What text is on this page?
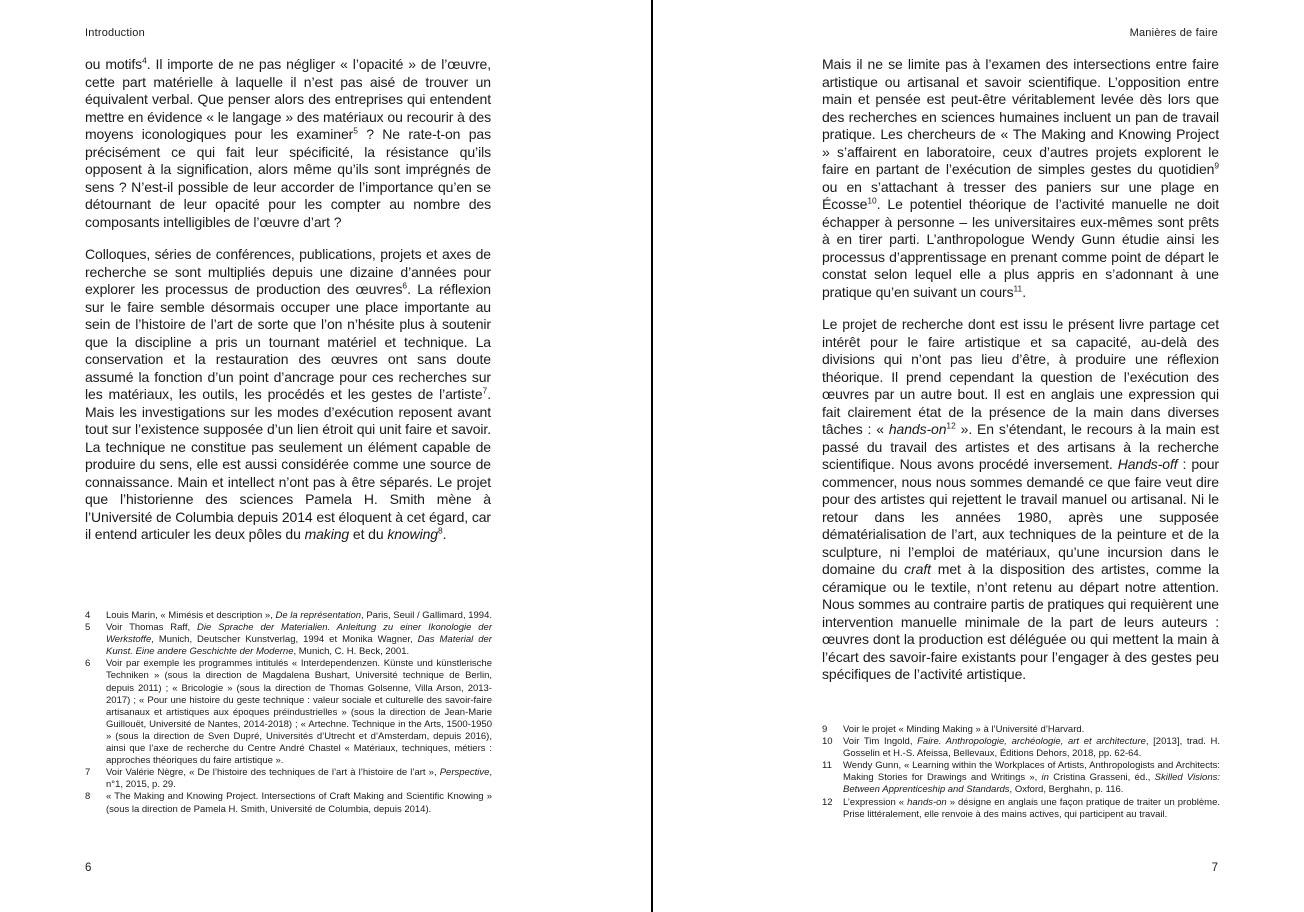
Introduction

ou motifs$^4$. Il importe de ne pas négliger « l’opacité » de l’œuvre, cette part matérielle à laquelle il n’est pas aisé de trouver un équivalent verbal. Que penser alors des entreprises qui entendent mettre en évidence « le langage » des matériaux ou recourir à des moyens iconologiques pour les examiner$^5$ ? Ne rate-t-on pas précisément ce qui fait leur spécificité, la résistance qu’ils opposent à la signification, alors même qu’ils sont imprégnés de sens ? N’est-il possible de leur accorder de l’importance qu’en se détournant de leur opacité pour les compter au nombre des composants intelligibles de l’œuvre d’art ?

Colloques, séries de conférences, publications, projets et axes de recherche se sont multipliés depuis une dizaine d’années pour explorer les processus de production des œuvres$^6$. La réflexion sur le faire semble désormais occuper une place importante au sein de l’histoire de l’art de sorte que l’on n’hésite plus à soutenir que la discipline a pris un tournant matériel et technique. La conservation et la restauration des œuvres ont sans doute assumé la fonction d’un point d’ancrage pour ces recherches sur les matériaux, les outils, les procédés et les gestes de l’artiste$^7$. Mais les investigations sur les modes d’exécution reposent avant tout sur l’existence supposée d’un lien étroit qui unit faire et savoir. La technique ne constitue pas seulement un élément capable de produire du sens, elle est aussi considérée comme une source de connaissance. Main et intellect n’ont pas à être séparés. Le projet que l’historienne des sciences Pamela H. Smith mène à l’Université de Columbia depuis 2014 est éloquent à cet égard, car il entend articuler les deux pôles du making et du knowing$^8$.

4	Louis Marin, « Mimésis et description », De la représentation, Paris, Seuil / Gallimard, 1994.
5	Voir Thomas Raff, Die Sprache der Materialien. Anleitung zu einer Ikonologie der Werkstoffe, Munich, Deutscher Kunstverlag, 1994 et Monika Wagner, Das Material der Kunst. Eine andere Geschichte der Moderne, Munich, C. H. Beck, 2001.
6	Voir par exemple les programmes intitulés « Interdependenzen. Künste und künstlerische Techniken » (sous la direction de Magdalena Bushart, Université technique de Berlin, depuis 2011) ; « Bricologie » (sous la direction de Thomas Golsenne, Villa Arson, 2013-2017) ; « Pour une histoire du geste technique : valeur sociale et culturelle des savoir-faire artisanaux et artistiques aux époques préindustrielles » (sous la direction de Jean-Marie Guillouët, Université de Nantes, 2014-2018) ; « Artechne. Technique in the Arts, 1500-1950 » (sous la direction de Sven Dupré, Universités d’Utrecht et d’Amsterdam, depuis 2016), ainsi que l’axe de recherche du Centre André Chastel « Matériaux, techniques, métiers : approches théoriques du faire artistique ».
7	Voir Valérie Nègre, « De l’histoire des techniques de l’art à l’histoire de l’art », Perspective, n°1, 2015, p. 29.
8	« The Making and Knowing Project. Intersections of Craft Making and Scientific Knowing » (sous la direction de Pamela H. Smith, Université de Columbia, depuis 2014).
6
Manières de faire

Mais il ne se limite pas à l’examen des intersections entre faire artistique ou artisanal et savoir scientifique. L’opposition entre main et pensée est peut-être véritablement levée dès lors que des recherches en sciences humaines incluent un pan de travail pratique. Les chercheurs de « The Making and Knowing Project » s’affairent en laboratoire, ceux d’autres projets explorent le faire en partant de l’exécution de simples gestes du quotidien$^9$ ou en s’attachant à tresser des paniers sur une plage en Écosse$^{10}$. Le potentiel théorique de l’activité manuelle ne doit échapper à personne – les universitaires eux-mêmes sont prêts à en tirer parti. L’anthropologue Wendy Gunn étudie ainsi les processus d’apprentissage en prenant comme point de départ le constat selon lequel elle a plus appris en s’adonnant à une pratique qu’en suivant un cours$^{11}$.

Le projet de recherche dont est issu le présent livre partage cet intérêt pour le faire artistique et sa capacité, au-delà des divisions qui n’ont pas lieu d’être, à produire une réflexion théorique. Il prend cependant la question de l’exécution des œuvres par un autre bout. Il est en anglais une expression qui fait clairement état de la présence de la main dans diverses tâches : « hands-$on^{12}$ ». En s’étendant, le recours à la main est passé du travail des artistes et des artisans à la recherche scientifique. Nous avons procédé inversement. Hands-off : pour commencer, nous nous sommes demandé ce que faire veut dire pour des artistes qui rejettent le travail manuel ou artisanal. Ni le retour dans les années 1980, après une supposée dématérialisation de l’art, aux techniques de la peinture et de la sculpture, ni l’emploi de matériaux, qu’une incursion dans le domaine du craft met à la disposition des artistes, comme la céramique ou le textile, n’ont retenu au départ notre attention. Nous sommes au contraire partis de pratiques qui requièrent une intervention manuelle minimale de la part de leurs auteurs : œuvres dont la production est déléguée ou qui mettent la main à l’écart des savoir-faire existants pour l’engager à des gestes peu spécifiques de l’activité artistique.

9	Voir le projet « Minding Making » à l’Université d’Harvard.
10	Voir Tim Ingold, Faire. Anthropologie, archéologie, art et architecture, [2013], trad. H. Gosselin et H.-S. Afeissa, Bellevaux, Éditions Dehors, 2018, pp. 62-64.
11	Wendy Gunn, « Learning within the Workplaces of Artists, Anthropologists and Architects: Making Stories for Drawings and Writings », in Cristina Grasseni, éd., Skilled Visions: Between Apprenticeship and Standards, Oxford, Berghahn, p. 116.
12	L’expression « hands-on » désigne en anglais une façon pratique de traiter un problème. Prise littéralement, elle renvoie à des mains actives, qui participent au travail.
7
